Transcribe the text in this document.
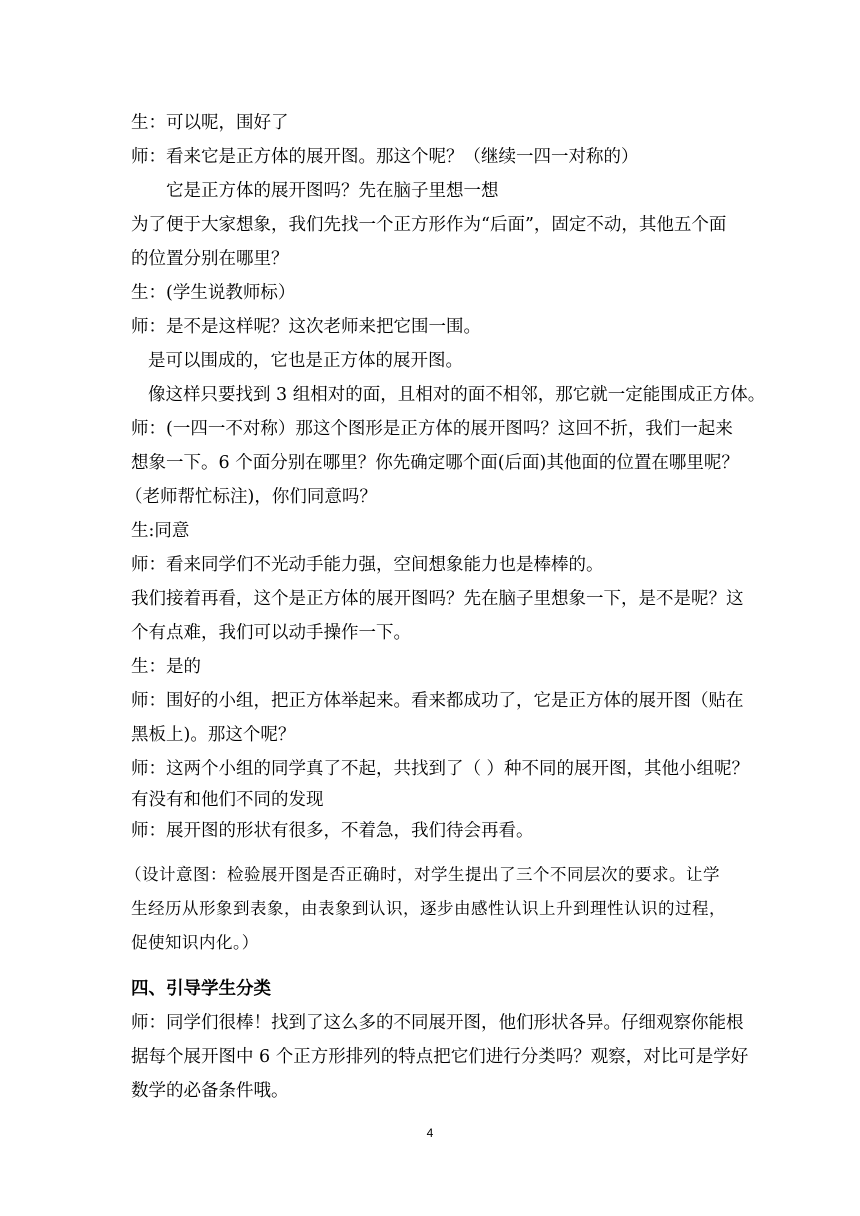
生：可以呢，围好了

师：看来它是正方体的展开图。那这个呢？（继续一四一对称的）

它是正方体的展开图吗？先在脑子里想一想

为了便于大家想象，我们先找一个正方形作为“后面”，固定不动，其他五个面

的位置分别在哪里？

生：(学生说教师标）

师：是不是这样呢？这次老师来把它围一围。

是可以围成的，它也是正方体的展开图。

像这样只要找到 3 组相对的面，且相对的面不相邻，那它就一定能围成正方体。

师：(一四一不对称）那这个图形是正方体的展开图吗？这回不折，我们一起来

想象一下。6 个面分别在哪里？你先确定哪个面(后面)其他面的位置在哪里呢？

（老师帮忙标注)，你们同意吗？

生:同意

师：看来同学们不光动手能力强，空间想象能力也是棒棒的。

我们接着再看，这个是正方体的展开图吗？先在脑子里想象一下，是不是呢？这

个有点难，我们可以动手操作一下。

生：是的

师：围好的小组，把正方体举起来。看来都成功了，它是正方体的展开图（贴在

黑板上)。那这个呢？

师：这两个小组的同学真了不起，共找到了（ ）种不同的展开图，其他小组呢？

有没有和他们不同的发现

师：展开图的形状有很多，不着急，我们待会再看。

（设计意图：检验展开图是否正确时，对学生提出了三个不同层次的要求。让学
生经历从形象到表象，由表象到认识，逐步由感性认识上升到理性认识的过程，
促使知识内化。）
四、引导学生分类

师：同学们很棒！找到了这么多的不同展开图，他们形状各异。仔细观察你能根

据每个展开图中 6 个正方形排列的特点把它们进行分类吗？观察，对比可是学好

数学的必备条件哦。

4
